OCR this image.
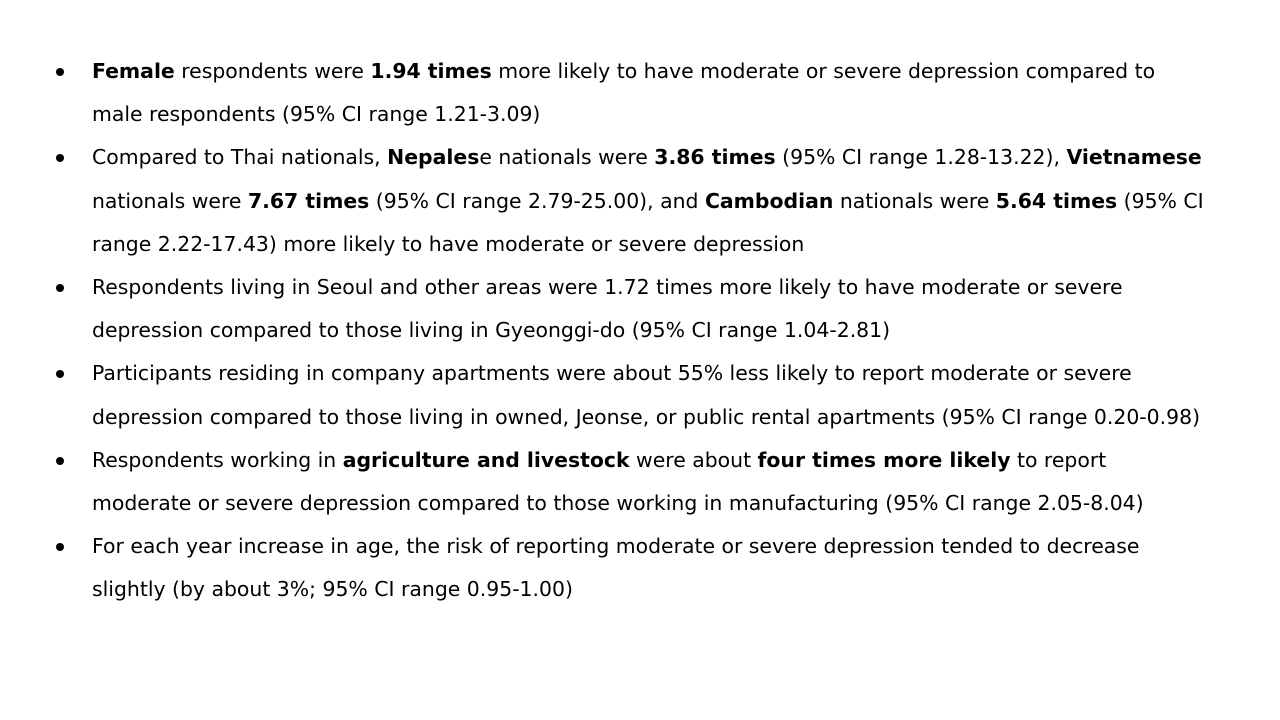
Female respondents were 1.94 times more likely to have moderate or severe depression compared to male respondents (95% CI range 1.21-3.09)
Compared to Thai nationals, Nepalese nationals were 3.86 times (95% CI range 1.28-13.22), Vietnamese nationals were 7.67 times (95% CI range 2.79-25.00), and Cambodian nationals were 5.64 times (95% CI range 2.22-17.43) more likely to have moderate or severe depression
Respondents living in Seoul and other areas were 1.72 times more likely to have moderate or severe depression compared to those living in Gyeonggi-do (95% CI range 1.04-2.81)
Participants residing in company apartments were about 55% less likely to report moderate or severe depression compared to those living in owned, Jeonse, or public rental apartments (95% CI range 0.20-0.98)
Respondents working in agriculture and livestock were about four times more likely to report moderate or severe depression compared to those working in manufacturing (95% CI range 2.05-8.04)
For each year increase in age, the risk of reporting moderate or severe depression tended to decrease slightly (by about 3%; 95% CI range 0.95-1.00)
